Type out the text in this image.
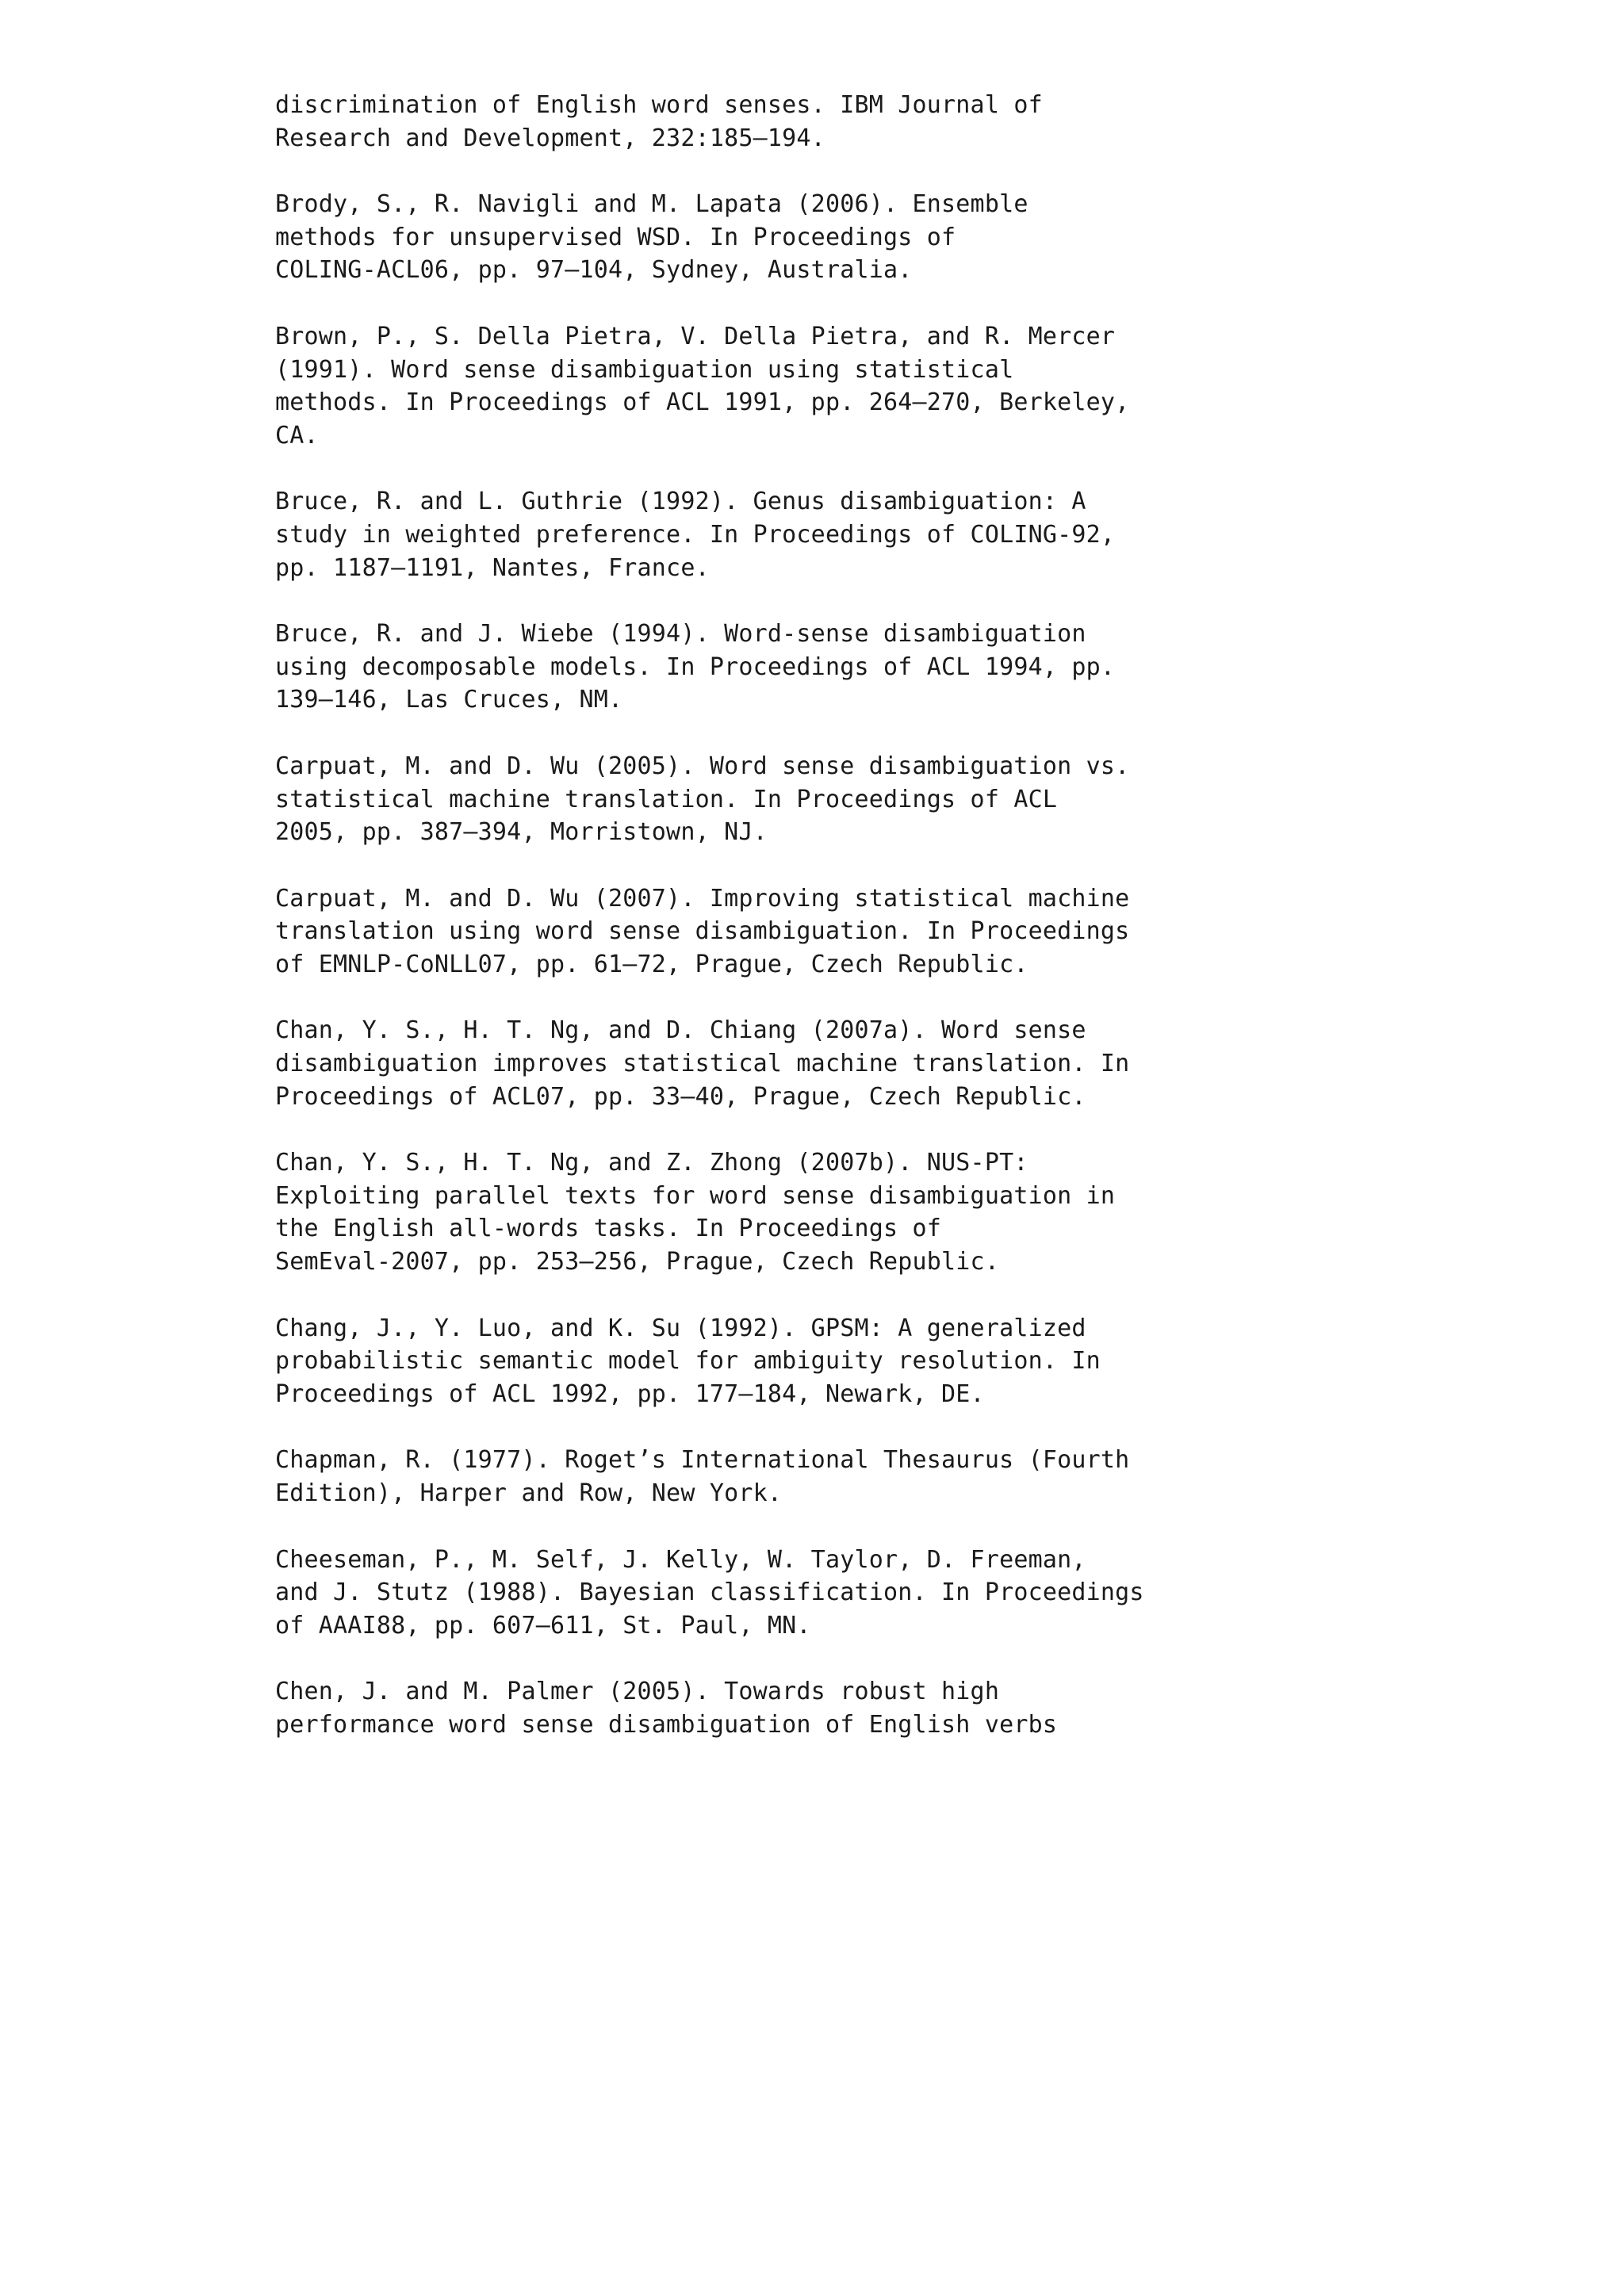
discrimination of English word senses. IBM Journal of
Research and Development, 232:185–194.
Brody, S., R. Navigli and M. Lapata (2006). Ensemble
methods for unsupervised WSD. In Proceedings of
COLING-ACL06, pp. 97–104, Sydney, Australia.
Brown, P., S. Della Pietra, V. Della Pietra, and R. Mercer
(1991). Word sense disambiguation using statistical
methods. In Proceedings of ACL 1991, pp. 264–270, Berkeley,
CA.
Bruce, R. and L. Guthrie (1992). Genus disambiguation: A
study in weighted preference. In Proceedings of COLING-92,
pp. 1187–1191, Nantes, France.
Bruce, R. and J. Wiebe (1994). Word-sense disambiguation
using decomposable models. In Proceedings of ACL 1994, pp.
139–146, Las Cruces, NM.
Carpuat, M. and D. Wu (2005). Word sense disambiguation vs.
statistical machine translation. In Proceedings of ACL
2005, pp. 387–394, Morristown, NJ.
Carpuat, M. and D. Wu (2007). Improving statistical machine
translation using word sense disambiguation. In Proceedings
of EMNLP-CoNLL07, pp. 61–72, Prague, Czech Republic.
Chan, Y. S., H. T. Ng, and D. Chiang (2007a). Word sense
disambiguation improves statistical machine translation. In
Proceedings of ACL07, pp. 33–40, Prague, Czech Republic.
Chan, Y. S., H. T. Ng, and Z. Zhong (2007b). NUS-PT:
Exploiting parallel texts for word sense disambiguation in
the English all-words tasks. In Proceedings of
SemEval-2007, pp. 253–256, Prague, Czech Republic.
Chang, J., Y. Luo, and K. Su (1992). GPSM: A generalized
probabilistic semantic model for ambiguity resolution. In
Proceedings of ACL 1992, pp. 177–184, Newark, DE.
Chapman, R. (1977). Roget’s International Thesaurus (Fourth
Edition), Harper and Row, New York.
Cheeseman, P., M. Self, J. Kelly, W. Taylor, D. Freeman,
and J. Stutz (1988). Bayesian classification. In Proceedings
of AAAI88, pp. 607–611, St. Paul, MN.
Chen, J. and M. Palmer (2005). Towards robust high
performance word sense disambiguation of English verbs
